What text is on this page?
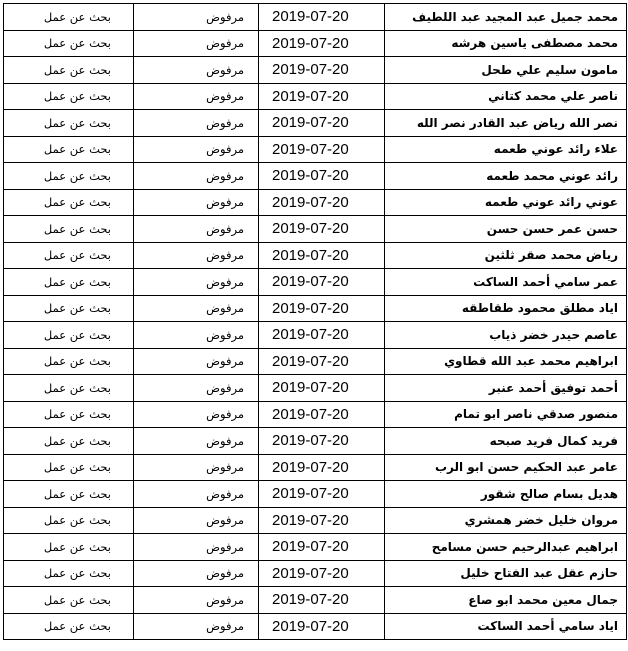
محمد جميل عبد المجيد عبد اللطيف	2019-07-20	مرفوض	بحث عن عمل
محمد مصطفى ياسين هرشه	2019-07-20	مرفوض	بحث عن عمل
مامون سليم علي طحل	2019-07-20	مرفوض	بحث عن عمل
ناصر علي محمد كتاني	2019-07-20	مرفوض	بحث عن عمل
نصر الله رياض عبد القادر نصر الله	2019-07-20	مرفوض	بحث عن عمل
علاء رائد عوني طعمه	2019-07-20	مرفوض	بحث عن عمل
رائد عوني محمد طعمه	2019-07-20	مرفوض	بحث عن عمل
عوني رائد عوني طعمه	2019-07-20	مرفوض	بحث عن عمل
حسن عمر حسن حسن	2019-07-20	مرفوض	بحث عن عمل
رياض محمد صقر ثلثين	2019-07-20	مرفوض	بحث عن عمل
عمر سامي أحمد الساكت	2019-07-20	مرفوض	بحث عن عمل
اياد مطلق محمود طقاطقه	2019-07-20	مرفوض	بحث عن عمل
عاصم حيدر خضر ذياب	2019-07-20	مرفوض	بحث عن عمل
ابراهيم محمد عبد الله قطاوي	2019-07-20	مرفوض	بحث عن عمل
أحمد توفيق أحمد عنبر	2019-07-20	مرفوض	بحث عن عمل
منصور صدقي ناصر ابو تمام	2019-07-20	مرفوض	بحث عن عمل
فريد كمال فريد صبحه	2019-07-20	مرفوض	بحث عن عمل
عامر عبد الحكيم حسن ابو الرب	2019-07-20	مرفوض	بحث عن عمل
هديل بسام صالح شقور	2019-07-20	مرفوض	بحث عن عمل
مروان خليل خضر همشري	2019-07-20	مرفوض	بحث عن عمل
ابراهيم عبدالرحيم حسن مسامح	2019-07-20	مرفوض	بحث عن عمل
حازم عقل عبد الفتاح خليل	2019-07-20	مرفوض	بحث عن عمل
جمال معين محمد ابو صاع	2019-07-20	مرفوض	بحث عن عمل
اياد سامي أحمد الساكت	2019-07-20	مرفوض	بحث عن عمل
